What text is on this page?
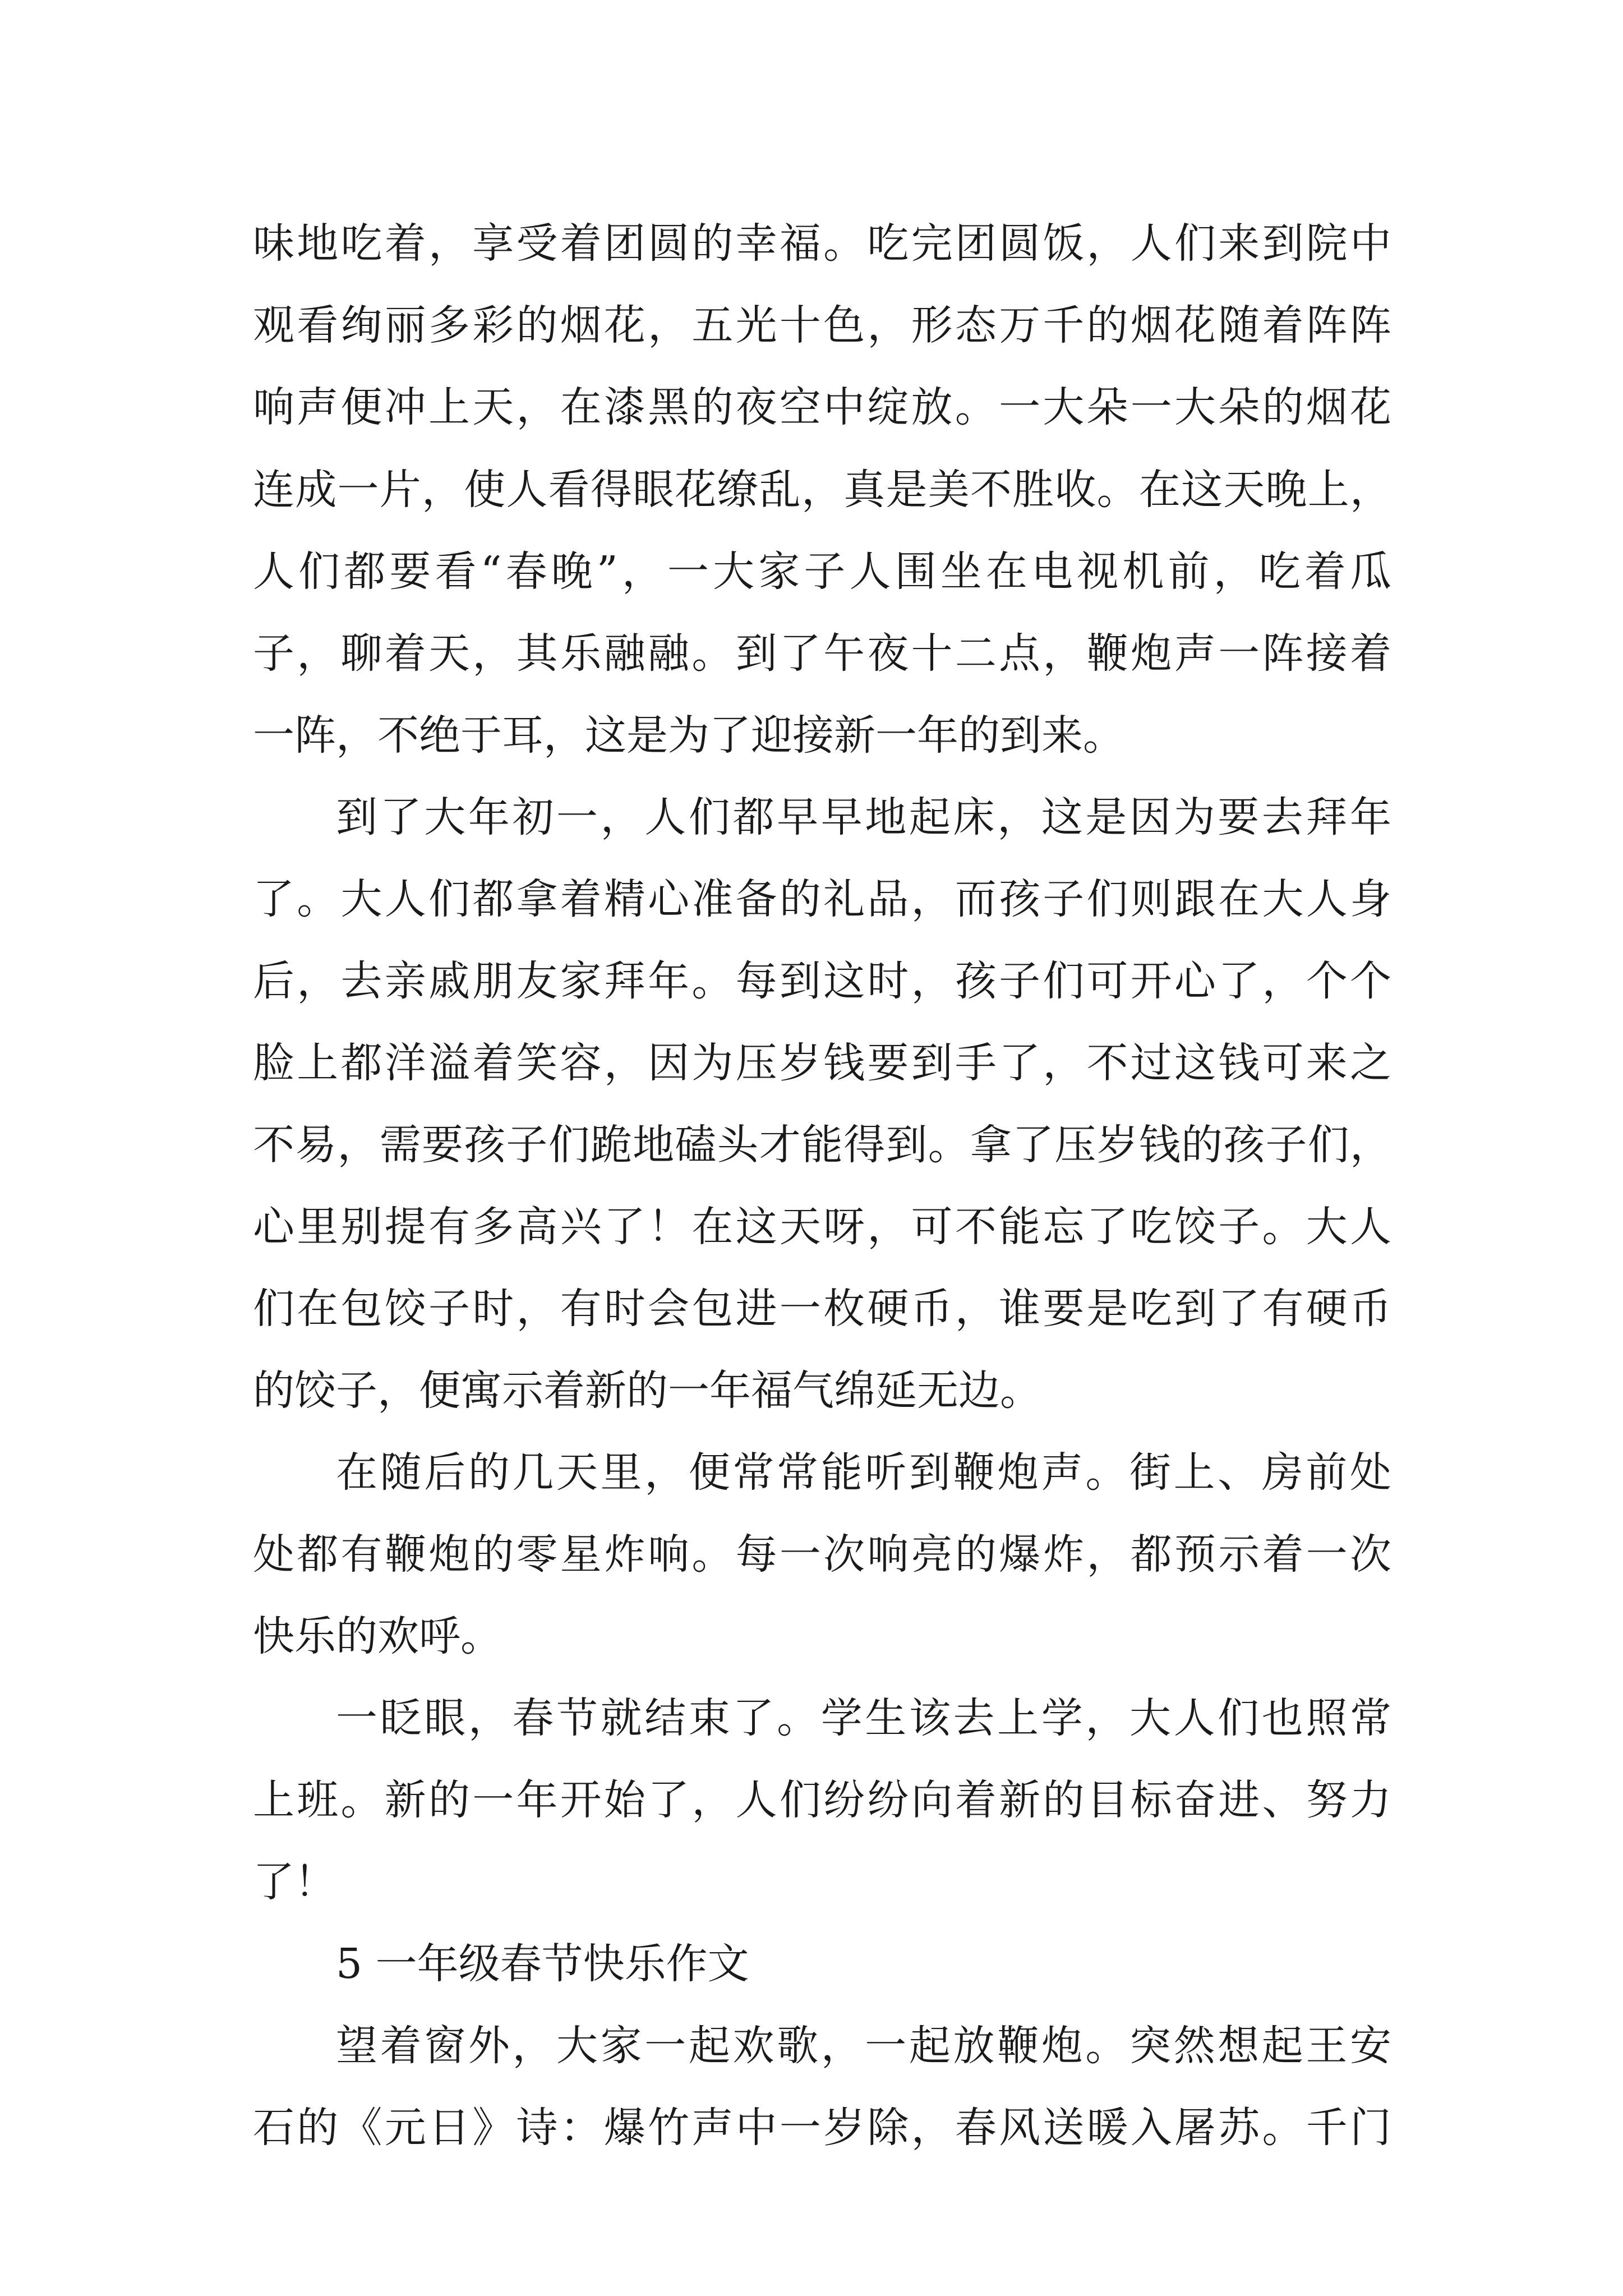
味地吃着，享受着团圆的幸福。吃完团圆饭，人们来到院中
观看绚丽多彩的烟花，五光十色，形态万千的烟花随着阵阵
响声便冲上天，在漆黑的夜空中绽放。一大朵一大朵的烟花
连成一片，使人看得眼花缭乱，真是美不胜收。在这天晚上，
人们都要看“春晚”，一大家子人围坐在电视机前，吃着瓜
子，聊着天，其乐融融。到了午夜十二点，鞭炮声一阵接着
一阵，不绝于耳，这是为了迎接新一年的到来。
到了大年初一，人们都早早地起床，这是因为要去拜年
了。大人们都拿着精心准备的礼品，而孩子们则跟在大人身
后，去亲戚朋友家拜年。每到这时，孩子们可开心了，个个
脸上都洋溢着笑容，因为压岁钱要到手了，不过这钱可来之
不易，需要孩子们跪地磕头才能得到。拿了压岁钱的孩子们，
心里别提有多高兴了！在这天呀，可不能忘了吃饺子。大人
们在包饺子时，有时会包进一枚硬币，谁要是吃到了有硬币
的饺子，便寓示着新的一年福气绵延无边。
在随后的几天里，便常常能听到鞭炮声。街上、房前处
处都有鞭炮的零星炸响。每一次响亮的爆炸，都预示着一次
快乐的欢呼。
一眨眼，春节就结束了。学生该去上学，大人们也照常
上班。新的一年开始了，人们纷纷向着新的目标奋进、努力
了！
5 一年级春节快乐作文
望着窗外，大家一起欢歌，一起放鞭炮。突然想起王安
石的《元日》诗：爆竹声中一岁除，春风送暖入屠苏。千门
